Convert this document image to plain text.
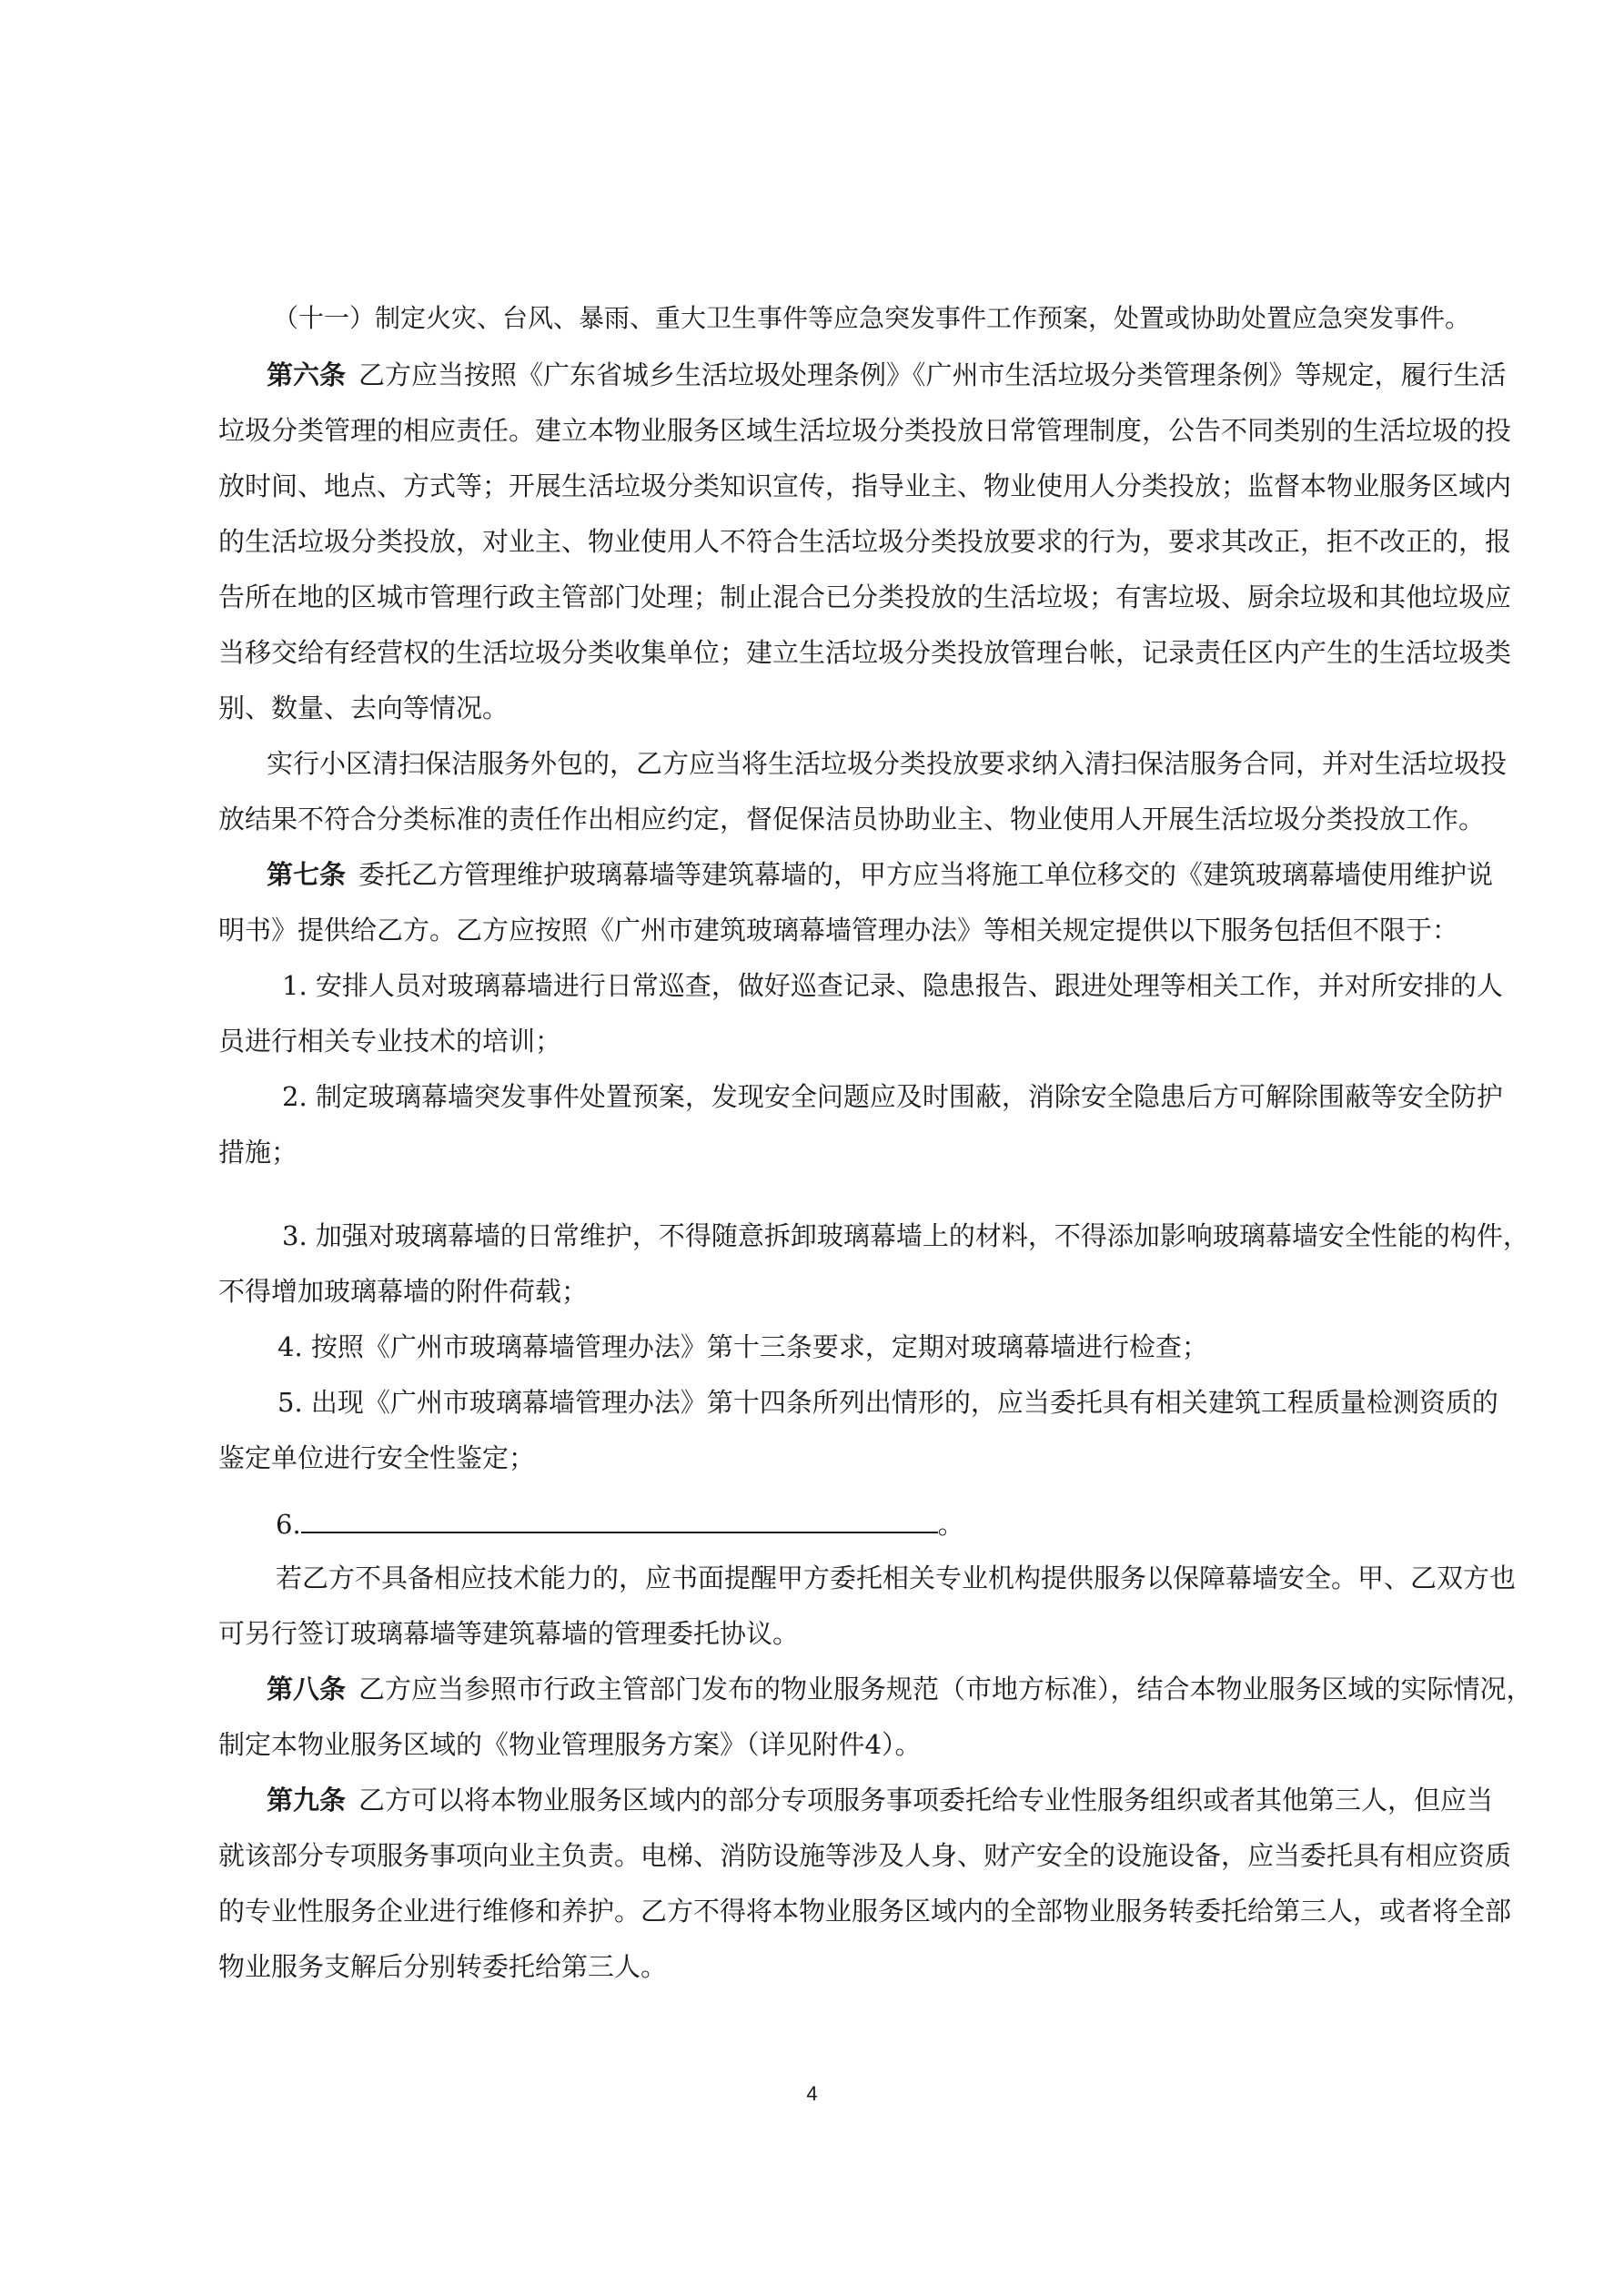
（十一）制定火灾、台风、暴雨、重大卫生事件等应急突发事件工作预案，处置或协助处置应急突发事件。
第六条 乙方应当按照《广东省城乡生活垃圾处理条例》《广州市生活垃圾分类管理条例》等规定，履行生活
垃圾分类管理的相应责任。建立本物业服务区域生活垃圾分类投放日常管理制度，公告不同类别的生活垃圾的投
放时间、地点、方式等；开展生活垃圾分类知识宣传，指导业主、物业使用人分类投放；监督本物业服务区域内
的生活垃圾分类投放，对业主、物业使用人不符合生活垃圾分类投放要求的行为，要求其改正，拒不改正的，报
告所在地的区城市管理行政主管部门处理；制止混合已分类投放的生活垃圾；有害垃圾、厨余垃圾和其他垃圾应
当移交给有经营权的生活垃圾分类收集单位；建立生活垃圾分类投放管理台帐，记录责任区内产生的生活垃圾类
别、数量、去向等情况。
实行小区清扫保洁服务外包的，乙方应当将生活垃圾分类投放要求纳入清扫保洁服务合同，并对生活垃圾投
放结果不符合分类标准的责任作出相应约定，督促保洁员协助业主、物业使用人开展生活垃圾分类投放工作。
第七条 委托乙方管理维护玻璃幕墙等建筑幕墙的，甲方应当将施工单位移交的《建筑玻璃幕墙使用维护说
明书》提供给乙方。乙方应按照《广州市建筑玻璃幕墙管理办法》等相关规定提供以下服务包括但不限于：
1. 安排人员对玻璃幕墙进行日常巡查，做好巡查记录、隐患报告、跟进处理等相关工作，并对所安排的人
员进行相关专业技术的培训；
2. 制定玻璃幕墙突发事件处置预案，发现安全问题应及时围蔽，消除安全隐患后方可解除围蔽等安全防护
措施；
3. 加强对玻璃幕墙的日常维护，不得随意拆卸玻璃幕墙上的材料，不得添加影响玻璃幕墙安全性能的构件，
不得增加玻璃幕墙的附件荷载；
4. 按照《广州市玻璃幕墙管理办法》第十三条要求，定期对玻璃幕墙进行检查；
5. 出现《广州市玻璃幕墙管理办法》第十四条所列出情形的，应当委托具有相关建筑工程质量检测资质的
鉴定单位进行安全性鉴定；
6.	。
若乙方不具备相应技术能力的，应书面提醒甲方委托相关专业机构提供服务以保障幕墙安全。甲、乙双方也
可另行签订玻璃幕墙等建筑幕墙的管理委托协议。
第八条 乙方应当参照市行政主管部门发布的物业服务规范（市地方标准），结合本物业服务区域的实际情况，
制定本物业服务区域的《物业管理服务方案》（详见附件4）。
第九条 乙方可以将本物业服务区域内的部分专项服务事项委托给专业性服务组织或者其他第三人，但应当
就该部分专项服务事项向业主负责。电梯、消防设施等涉及人身、财产安全的设施设备，应当委托具有相应资质
的专业性服务企业进行维修和养护。乙方不得将本物业服务区域内的全部物业服务转委托给第三人，或者将全部
物业服务支解后分别转委托给第三人。
4
